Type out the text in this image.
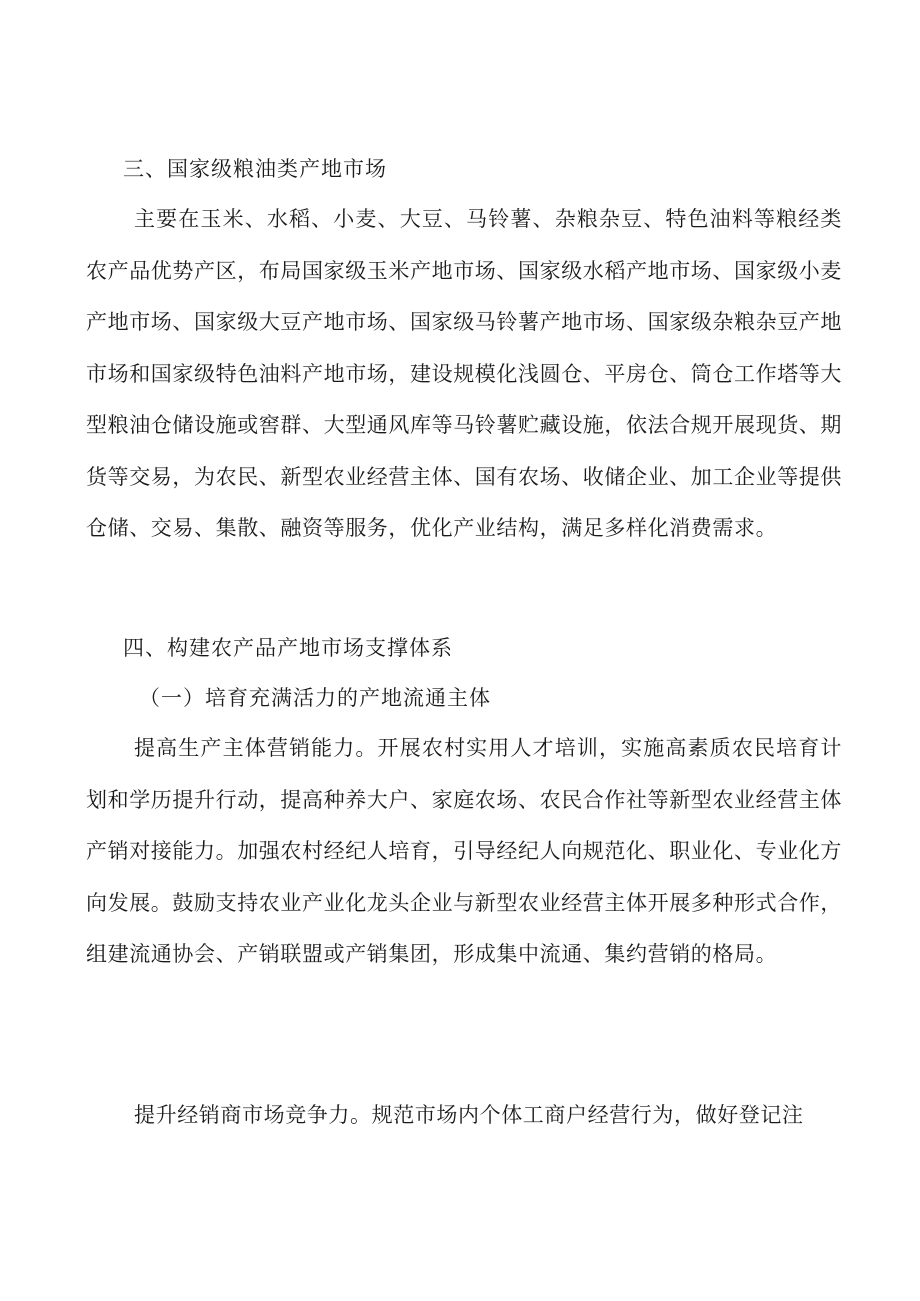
三、国家级粮油类产地市场

主要在玉米、水稻、小麦、大豆、马铃薯、杂粮杂豆、特色油料等粮经类农产品优势产区，布局国家级玉米产地市场、国家级水稻产地市场、国家级小麦产地市场、国家级大豆产地市场、国家级马铃薯产地市场、国家级杂粮杂豆产地市场和国家级特色油料产地市场，建设规模化浅圆仓、平房仓、筒仓工作塔等大型粮油仓储设施或窖群、大型通风库等马铃薯贮藏设施，依法合规开展现货、期货等交易，为农民、新型农业经营主体、国有农场、收储企业、加工企业等提供仓储、交易、集散、融资等服务，优化产业结构，满足多样化消费需求。

四、构建农产品产地市场支撑体系
（一）培育充满活力的产地流通主体

提高生产主体营销能力。开展农村实用人才培训，实施高素质农民培育计划和学历提升行动，提高种养大户、家庭农场、农民合作社等新型农业经营主体产销对接能力。加强农村经纪人培育，引导经纪人向规范化、职业化、专业化方向发展。鼓励支持农业产业化龙头企业与新型农业经营主体开展多种形式合作，组建流通协会、产销联盟或产销集团，形成集中流通、集约营销的格局。

提升经销商市场竞争力。规范市场内个体工商户经营行为，做好登记注
